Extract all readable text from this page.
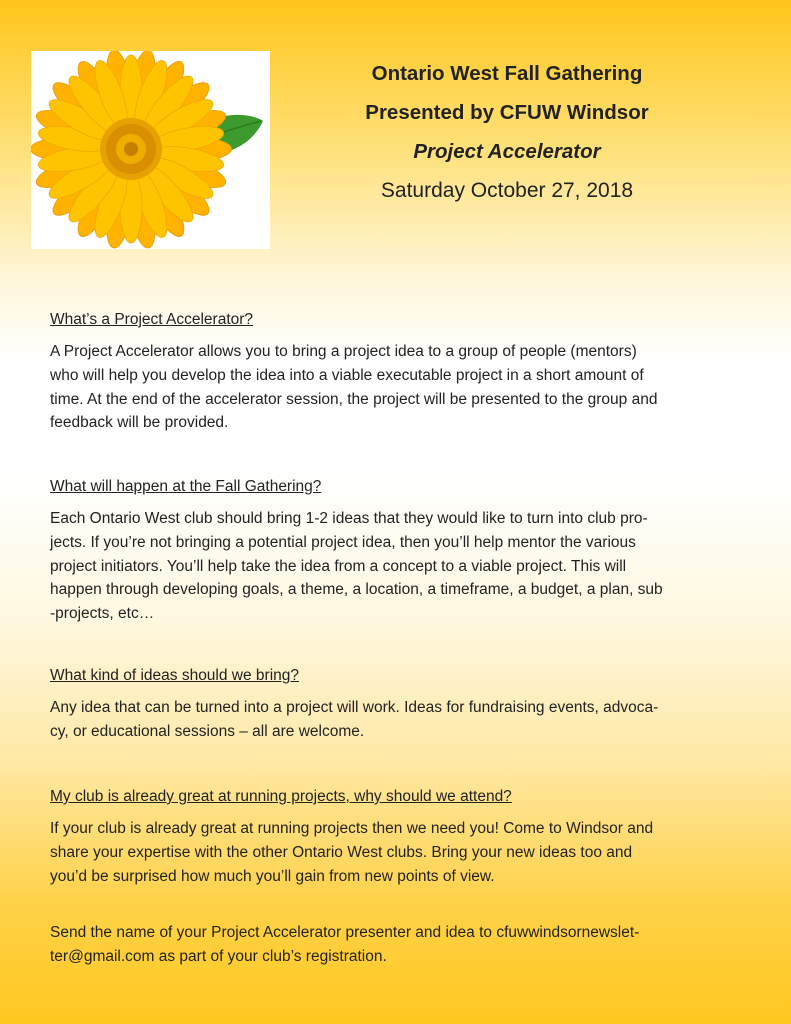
Ontario West Fall Gathering
Presented by CFUW Windsor
Project Accelerator
Saturday October 27, 2018

What’s a Project Accelerator?

A Project Accelerator allows you to bring a project idea to a group of people (mentors)
who will help you develop the idea into a viable executable project in a short amount of
time. At the end of the accelerator session, the project will be presented to the group and
feedback will be provided.

What will happen at the Fall Gathering?

Each Ontario West club should bring 1-2 ideas that they would like to turn into club pro-
jects. If you’re not bringing a potential project idea, then you’ll help mentor the various
project initiators. You’ll help take the idea from a concept to a viable project. This will
happen through developing goals, a theme, a location, a timeframe, a budget, a plan, sub
-projects, etc…

What kind of ideas should we bring?

Any idea that can be turned into a project will work. Ideas for fundraising events, advoca-
cy, or educational sessions – all are welcome.

My club is already great at running projects, why should we attend?

If your club is already great at running projects then we need you! Come to Windsor and
share your expertise with the other Ontario West clubs. Bring your new ideas too and
you’d be surprised how much you’ll gain from new points of view.

Send the name of your Project Accelerator presenter and idea to cfuwwindsornewslet-
ter@gmail.com as part of your club’s registration.
